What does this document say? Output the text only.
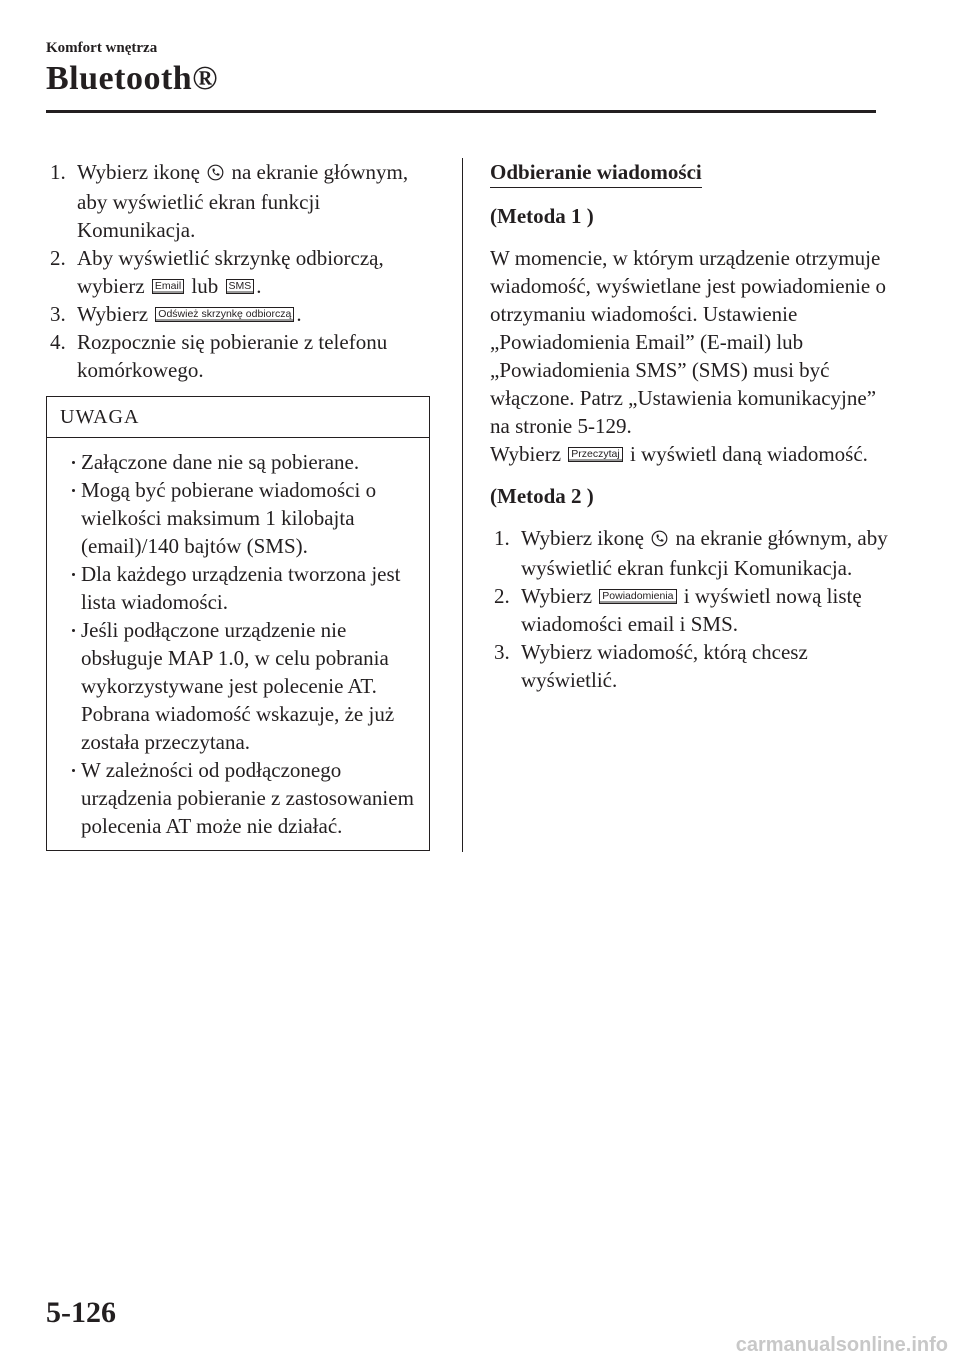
Komfort wnętrza
Bluetooth®
1. Wybierz ikonę  na ekranie głównym, aby wyświetlić ekran funkcji Komunikacja.
2. Aby wyświetlić skrzynkę odbiorczą, wybierz Email lub SMS .
3. Wybierz Odśwież skrzynkę odbiorczą .
4. Rozpocznie się pobieranie z telefonu komórkowego.
UWAGA
Załączone dane nie są pobierane.
Mogą być pobierane wiadomości o wielkości maksimum 1 kilobajta (email)/140 bajtów (SMS).
Dla każdego urządzenia tworzona jest lista wiadomości.
Jeśli podłączone urządzenie nie obsługuje MAP 1.0, w celu pobrania wykorzystywane jest polecenie AT. Pobrana wiadomość wskazuje, że już została przeczytana.
W zależności od podłączonego urządzenia pobieranie z zastosowaniem polecenia AT może nie działać.
Odbieranie wiadomości
(Metoda 1 )
W momencie, w którym urządzenie otrzymuje wiadomość, wyświetlane jest powiadomienie o otrzymaniu wiadomości. Ustawienie „Powiadomienia Email” (E-mail) lub „Powiadomienia SMS” (SMS) musi być włączone. Patrz „Ustawienia komunikacyjne” na stronie 5-129.
Wybierz Przeczytaj i wyświetl daną wiadomość.
(Metoda 2 )
1. Wybierz ikonę  na ekranie głównym, aby wyświetlić ekran funkcji Komunikacja.
2. Wybierz Powiadomienia i wyświetl nową listę wiadomości email i SMS.
3. Wybierz wiadomość, którą chcesz wyświetlić.
5-126
carmanualsonline.info
